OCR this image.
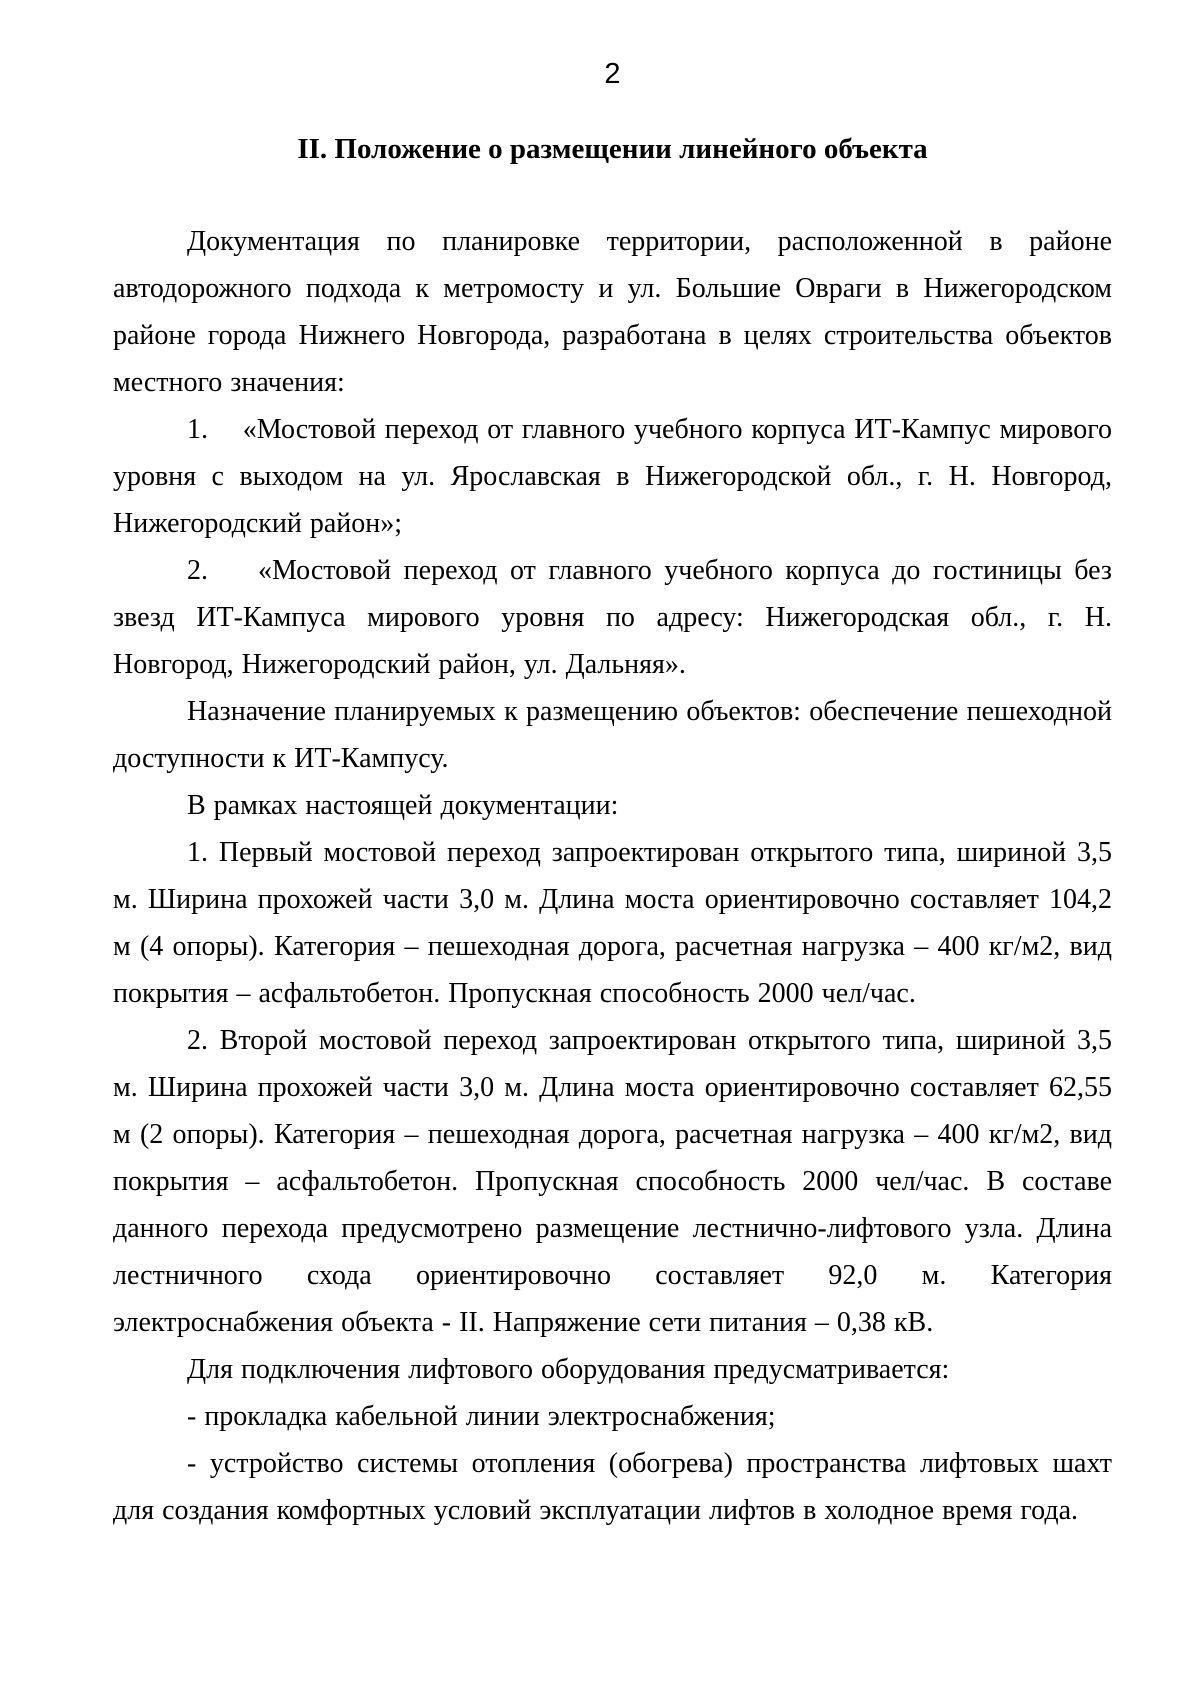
2
II. Положение о размещении линейного объекта

Документация по планировке территории, расположенной в районе автодорожного подхода к метромосту и ул. Большие Овраги в Нижегородском районе города Нижнего Новгорода, разработана в целях строительства объектов местного значения:

1.    «Мостовой переход от главного учебного корпуса ИТ-Кампус мирового уровня с выходом на ул. Ярославская в Нижегородской обл., г. Н. Новгород, Нижегородский район»;

2.    «Мостовой переход от главного учебного корпуса до гостиницы без звезд ИТ-Кампуса мирового уровня по адресу: Нижегородская обл., г. Н. Новгород, Нижегородский район, ул. Дальняя».

Назначение планируемых к размещению объектов: обеспечение пешеходной доступности к ИТ-Кампусу.

В рамках настоящей документации:

1. Первый мостовой переход запроектирован открытого типа, шириной 3,5 м. Ширина прохожей части 3,0 м. Длина моста ориентировочно составляет 104,2 м (4 опоры). Категория – пешеходная дорога, расчетная нагрузка – 400 кг/м2, вид покрытия – асфальтобетон. Пропускная способность 2000 чел/час.

2. Второй мостовой переход запроектирован открытого типа, шириной 3,5 м. Ширина прохожей части 3,0 м. Длина моста ориентировочно составляет 62,55 м (2 опоры). Категория – пешеходная дорога, расчетная нагрузка – 400 кг/м2, вид покрытия – асфальтобетон. Пропускная способность 2000 чел/час. В составе данного перехода предусмотрено размещение лестнично-лифтового узла. Длина лестничного схода ориентировочно составляет 92,0 м. Категория электроснабжения объекта - II. Напряжение сети питания – 0,38 кВ.

Для подключения лифтового оборудования предусматривается:

- прокладка кабельной линии электроснабжения;

- устройство системы отопления (обогрева) пространства лифтовых шахт для создания комфортных условий эксплуатации лифтов в холодное время года.
